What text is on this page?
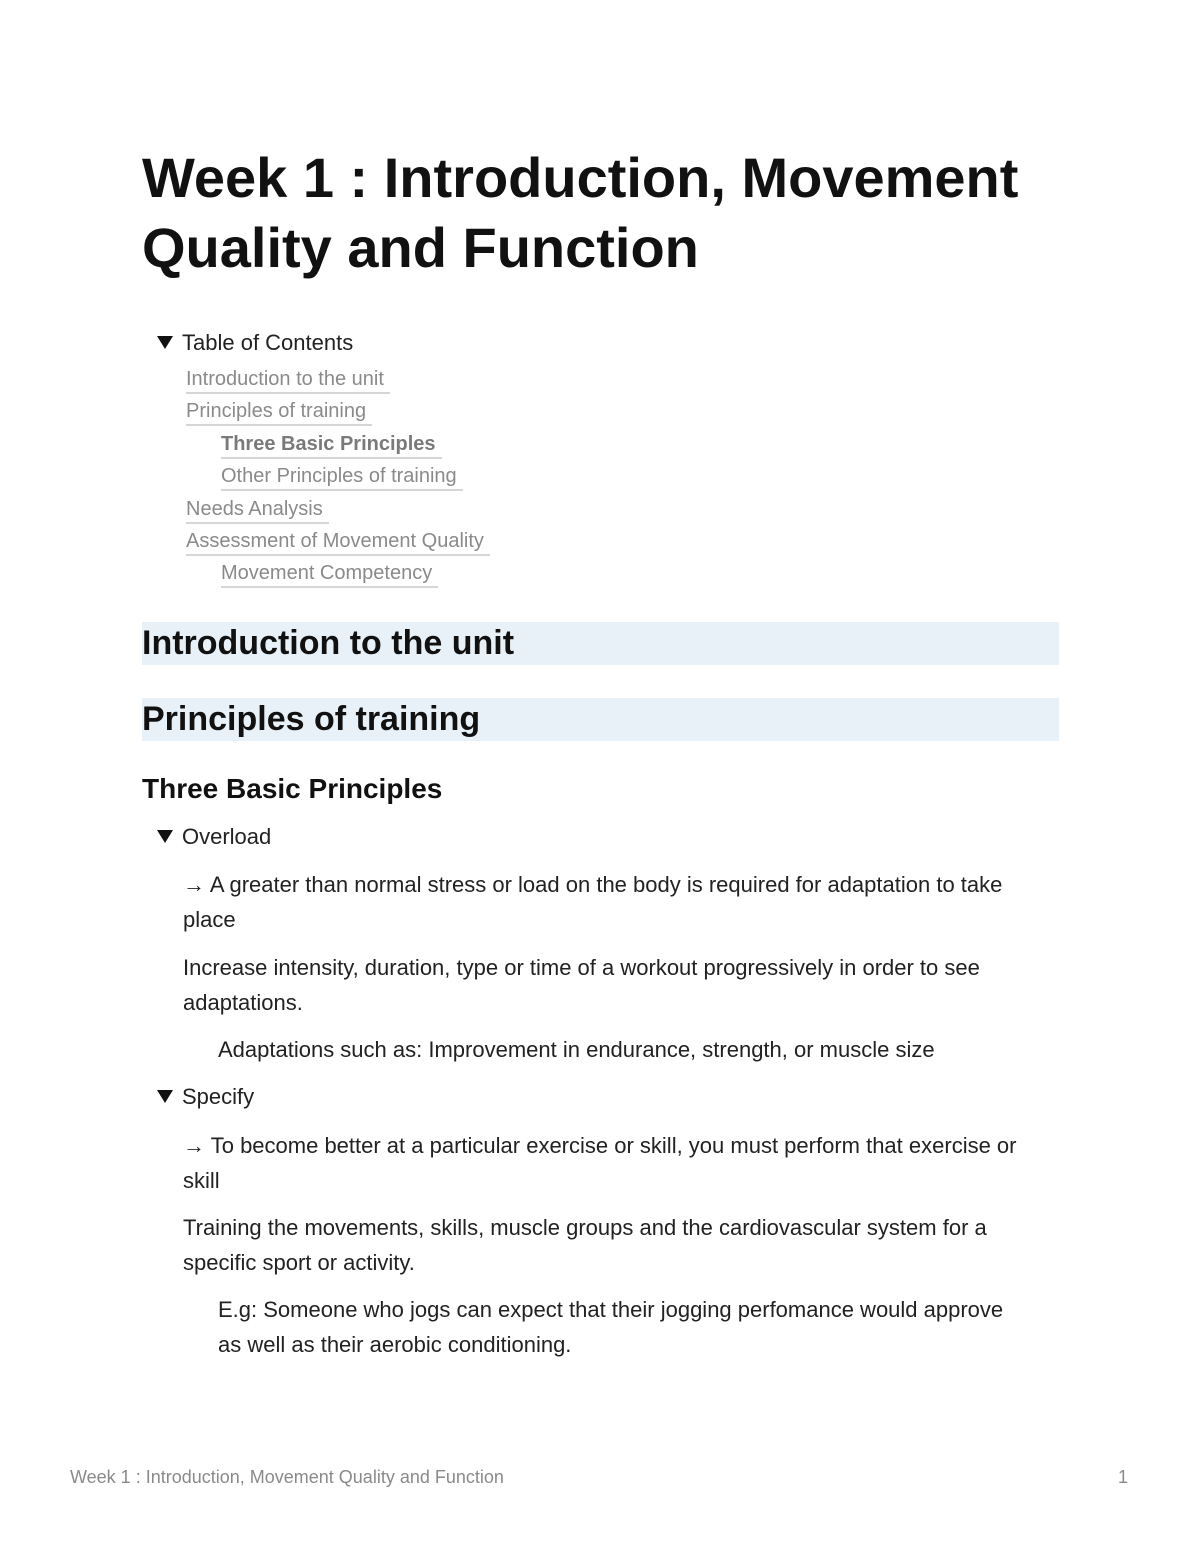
Week 1 : Introduction, Movement Quality and Function
Table of Contents
Introduction to the unit
Principles of training
Three Basic Principles
Other Principles of training
Needs Analysis
Assessment of Movement Quality
Movement Competency
Introduction to the unit
Principles of training
Three Basic Principles
Overload

→ A greater than normal stress or load on the body is required for adaptation to take place

Increase intensity, duration, type or time of a workout progressively in order to see adaptations.

Adaptations such as: Improvement in endurance, strength, or muscle size

Specify

→ To become better at a particular exercise or skill, you must perform that exercise or skill

Training the movements, skills, muscle groups and the cardiovascular system for a specific sport or activity.

E.g: Someone who jogs can expect that their jogging perfomance would approve as well as their aerobic conditioning.

Week 1 : Introduction, Movement Quality and Function	1
